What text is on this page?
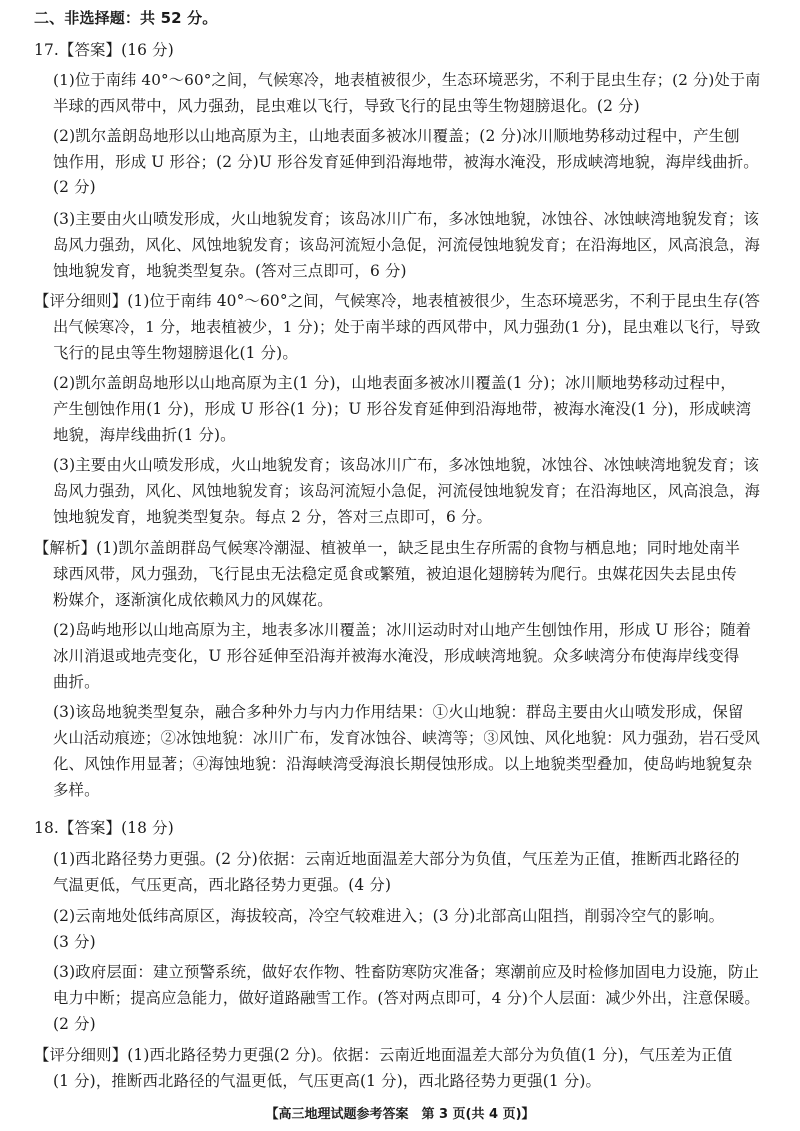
二、非选择题：共 52 分。
17.【答案】(16 分)
(1)位于南纬 40°～60°之间，气候寒冷，地表植被很少，生态环境恶劣，不利于昆虫生存；(2 分)处于南
半球的西风带中，风力强劲，昆虫难以飞行，导致飞行的昆虫等生物翅膀退化。(2 分)
(2)凯尔盖朗岛地形以山地高原为主，山地表面多被冰川覆盖；(2 分)冰川顺地势移动过程中，产生刨
蚀作用，形成 U 形谷；(2 分)U 形谷发育延伸到沿海地带，被海水淹没，形成峡湾地貌，海岸线曲折。
(2 分)
(3)主要由火山喷发形成，火山地貌发育；该岛冰川广布，多冰蚀地貌，冰蚀谷、冰蚀峡湾地貌发育；该
岛风力强劲，风化、风蚀地貌发育；该岛河流短小急促，河流侵蚀地貌发育；在沿海地区，风高浪急，海
蚀地貌发育，地貌类型复杂。(答对三点即可，6 分)
【评分细则】(1)位于南纬 40°～60°之间，气候寒冷，地表植被很少，生态环境恶劣，不利于昆虫生存(答
出气候寒冷，1 分，地表植被少，1 分)；处于南半球的西风带中，风力强劲(1 分)，昆虫难以飞行，导致
飞行的昆虫等生物翅膀退化(1 分)。
(2)凯尔盖朗岛地形以山地高原为主(1 分)，山地表面多被冰川覆盖(1 分)；冰川顺地势移动过程中，
产生刨蚀作用(1 分)，形成 U 形谷(1 分)；U 形谷发育延伸到沿海地带，被海水淹没(1 分)，形成峡湾
地貌，海岸线曲折(1 分)。
(3)主要由火山喷发形成，火山地貌发育；该岛冰川广布，多冰蚀地貌，冰蚀谷、冰蚀峡湾地貌发育；该
岛风力强劲，风化、风蚀地貌发育；该岛河流短小急促，河流侵蚀地貌发育；在沿海地区，风高浪急，海
蚀地貌发育，地貌类型复杂。每点 2 分，答对三点即可，6 分。
【解析】(1)凯尔盖朗群岛气候寒冷潮湿、植被单一，缺乏昆虫生存所需的食物与栖息地；同时地处南半
球西风带，风力强劲，飞行昆虫无法稳定觅食或繁殖，被迫退化翅膀转为爬行。虫媒花因失去昆虫传
粉媒介，逐渐演化成依赖风力的风媒花。
(2)岛屿地形以山地高原为主，地表多冰川覆盖；冰川运动时对山地产生刨蚀作用，形成 U 形谷；随着
冰川消退或地壳变化，U 形谷延伸至沿海并被海水淹没，形成峡湾地貌。众多峡湾分布使海岸线变得
曲折。
(3)该岛地貌类型复杂，融合多种外力与内力作用结果：①火山地貌：群岛主要由火山喷发形成，保留
火山活动痕迹；②冰蚀地貌：冰川广布，发育冰蚀谷、峡湾等；③风蚀、风化地貌：风力强劲，岩石受风
化、风蚀作用显著；④海蚀地貌：沿海峡湾受海浪长期侵蚀形成。以上地貌类型叠加，使岛屿地貌复杂
多样。
18.【答案】(18 分)
(1)西北路径势力更强。(2 分)依据：云南近地面温差大部分为负值，气压差为正值，推断西北路径的
气温更低，气压更高，西北路径势力更强。(4 分)
(2)云南地处低纬高原区，海拔较高，冷空气较难进入；(3 分)北部高山阻挡，削弱冷空气的影响。
(3 分)
(3)政府层面：建立预警系统，做好农作物、牲畜防寒防灾准备；寒潮前应及时检修加固电力设施，防止
电力中断；提高应急能力，做好道路融雪工作。(答对两点即可，4 分)个人层面：减少外出，注意保暖。
(2 分)
【评分细则】(1)西北路径势力更强(2 分)。依据：云南近地面温差大部分为负值(1 分)，气压差为正值
(1 分)，推断西北路径的气温更低，气压更高(1 分)，西北路径势力更强(1 分)。
【高三地理试题参考答案　第 3 页(共 4 页)】
